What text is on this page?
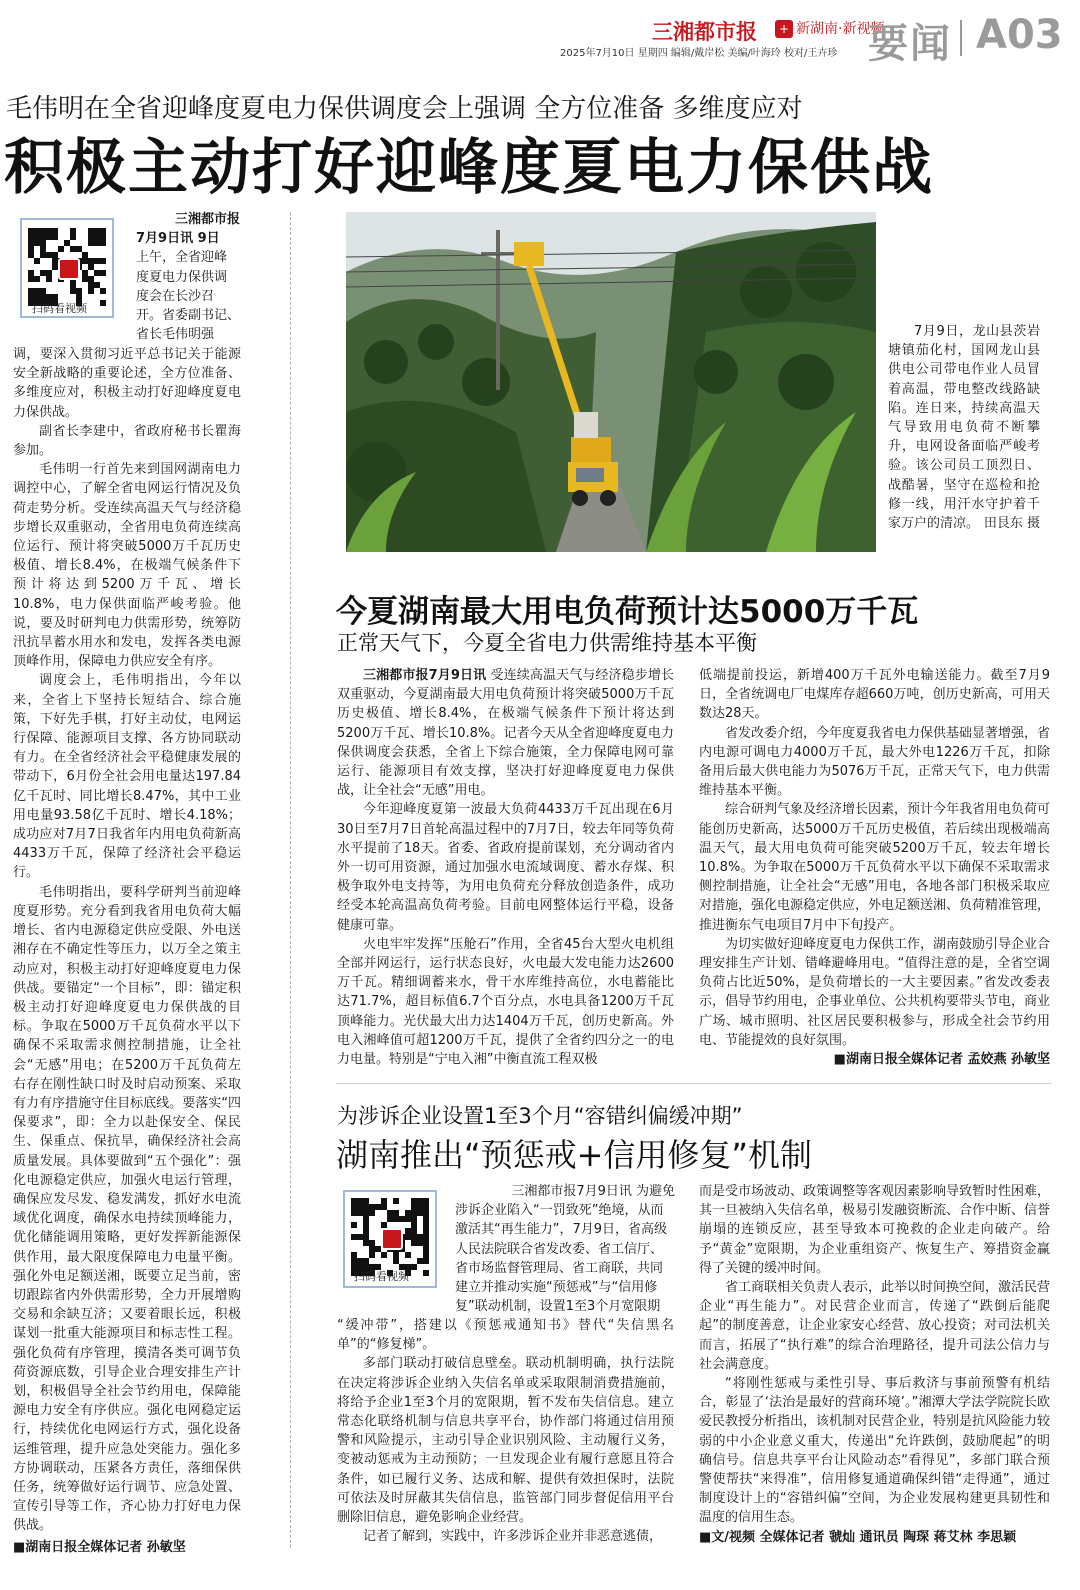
三湘都市报	+ 新湖南·新视频
2025年7月10日 星期四 编辑/戴岸松 美编/叶海玲 校对/王卉珍 要闻 A03
毛伟明在全省迎峰度夏电力保供调度会上强调 全方位准备 多维度应对
积极主动打好迎峰度夏电力保供战
扫码看视频
三湘都市报
7月9日讯 9日
上午，全省迎峰
度夏电力保供调
度会在长沙召
开。省委副书记、
省长毛伟明强

调，要深入贯彻习近平总书记关于能源安全新战略的重要论述，全方位准备、多维度应对，积极主动打好迎峰度夏电力保供战。

副省长李建中，省政府秘书长瞿海参加。

毛伟明一行首先来到国网湖南电力调控中心，了解全省电网运行情况及负荷走势分析。受连续高温天气与经济稳步增长双重驱动，全省用电负荷连续高位运行、预计将突破5000万千瓦历史极值、增长8.4%，在极端气候条件下预计将达到5200万千瓦、增长10.8%，电力保供面临严峻考验。他说，要及时研判电力供需形势，统筹防汛抗旱蓄水用水和发电，发挥各类电源顶峰作用，保障电力供应安全有序。

调度会上，毛伟明指出，今年以来，全省上下坚持长短结合、综合施策，下好先手棋，打好主动仗，电网运行保障、能源项目支撑、各方协同联动有力。在全省经济社会平稳健康发展的带动下，6月份全社会用电量达197.84亿千瓦时、同比增长8.47%，其中工业用电量93.58亿千瓦时、增长4.18%；成功应对7月7日我省年内用电负荷新高4433万千瓦，保障了经济社会平稳运行。

毛伟明指出，要科学研判当前迎峰度夏形势。充分看到我省用电负荷大幅增长、省内电源稳定供应受限、外电送湘存在不确定性等压力，以万全之策主动应对，积极主动打好迎峰度夏电力保供战。要锚定“一个目标”，即：锚定积极主动打好迎峰度夏电力保供战的目标。争取在5000万千瓦负荷水平以下确保不采取需求侧控制措施，让全社会“无感”用电；在5200万千瓦负荷左右存在刚性缺口时及时启动预案、采取有力有序措施守住目标底线。要落实“四保要求”，即：全力以赴保安全、保民生、保重点、保抗旱，确保经济社会高质量发展。具体要做到“五个强化”：强化电源稳定供应，加强火电运行管理，确保应发尽发、稳发满发，抓好水电流域优化调度，确保水电持续顶峰能力，优化储能调用策略，更好发挥新能源保供作用，最大限度保障电力电量平衡。强化外电足额送湘，既要立足当前，密切跟踪省内外供需形势，全力开展增购交易和余缺互济；又要着眼长远，积极谋划一批重大能源项目和标志性工程。强化负荷有序管理，摸清各类可调节负荷资源底数，引导企业合理安排生产计划，积极倡导全社会节约用电，保障能源电力安全有序供应。强化电网稳定运行，持续优化电网运行方式，强化设备运维管理，提升应急处突能力。强化多方协调联动，压紧各方责任，落细保供任务，统筹做好运行调节、应急处置、宣传引导等工作，齐心协力打好电力保供战。

■湖南日报全媒体记者 孙敏坚

7月9日，龙山县茨岩塘镇茄化村，国网龙山县供电公司带电作业人员冒着高温，带电整改线路缺陷。连日来，持续高温天气导致用电负荷不断攀升，电网设备面临严峻考验。该公司员工顶烈日、战酷暑，坚守在巡检和抢修一线，用汗水守护着千家万户的清凉。 田艮东 摄
今夏湖南最大用电负荷预计达5000万千瓦
正常天气下，今夏全省电力供需维持基本平衡

三湘都市报7月9日讯 受连续高温天气与经济稳步增长双重驱动，今夏湖南最大用电负荷预计将突破5000万千瓦历史极值、增长8.4%，在极端气候条件下预计将达到5200万千瓦、增长10.8%。记者今天从全省迎峰度夏电力保供调度会获悉，全省上下综合施策，全力保障电网可靠运行、能源项目有效支撑，坚决打好迎峰度夏电力保供战，让全社会“无感”用电。

今年迎峰度夏第一波最大负荷4433万千瓦出现在6月30日至7月7日首轮高温过程中的7月7日，较去年同等负荷水平提前了18天。省委、省政府提前谋划，充分调动省内外一切可用资源，通过加强水电流域调度、蓄水存煤、积极争取外电支持等，为用电负荷充分释放创造条件，成功经受本轮高温高负荷考验。目前电网整体运行平稳，设备健康可靠。

火电牢牢发挥“压舱石”作用，全省45台大型火电机组全部并网运行，运行状态良好，火电最大发电能力达2600万千瓦。精细调蓄来水，骨干水库维持高位，水电蓄能比达71.7%，超目标值6.7个百分点，水电具备1200万千瓦顶峰能力。光伏最大出力达1404万千瓦，创历史新高。外电入湘峰值可超1200万千瓦，提供了全省约四分之一的电力电量。特别是“宁电入湘”中衡直流工程双极

低端提前投运，新增400万千瓦外电输送能力。截至7月9日，全省统调电厂电煤库存超660万吨，创历史新高，可用天数达28天。

省发改委介绍，今年度夏我省电力保供基础显著增强，省内电源可调电力4000万千瓦，最大外电1226万千瓦，扣除备用后最大供电能力为5076万千瓦，正常天气下，电力供需维持基本平衡。

综合研判气象及经济增长因素，预计今年我省用电负荷可能创历史新高，达5000万千瓦历史极值，若后续出现极端高温天气，最大用电负荷可能突破5200万千瓦，较去年增长10.8%。为争取在5000万千瓦负荷水平以下确保不采取需求侧控制措施，让全社会“无感”用电，各地各部门积极采取应对措施，强化电源稳定供应，外电足额送湘、负荷精准管理，推进衡东气电项目7月中下旬投产。

为切实做好迎峰度夏电力保供工作，湖南鼓励引导企业合理安排生产计划、错峰避峰用电。“值得注意的是，全省空调负荷占比近50%，是负荷增长的一大主要因素。”省发改委表示，倡导节约用电，企事业单位、公共机构要带头节电，商业广场、城市照明、社区居民要积极参与，形成全社会节约用电、节能提效的良好氛围。

■湖南日报全媒体记者 孟姣燕 孙敏坚
为涉诉企业设置1至3个月“容错纠偏缓冲期”
湖南推出“预惩戒+信用修复”机制
扫码看视频
三湘都市报7月9日讯 为避免
涉诉企业陷入“一罚致死”绝境，从而
激活其“再生能力”，7月9日，省高级
人民法院联合省发改委、省工信厅、
省市场监督管理局、省工商联，共同
建立并推动实施“预惩戒”与“信用修
复”联动机制，设置1至3个月宽限期

“缓冲带”，搭建以《预惩戒通知书》替代“失信黑名单”的“修复梯”。

多部门联动打破信息壁垒。联动机制明确，执行法院在决定将涉诉企业纳入失信名单或采取限制消费措施前，将给予企业1至3个月的宽限期，暂不发布失信信息。建立常态化联络机制与信息共享平台，协作部门将通过信用预警和风险提示，主动引导企业识别风险、主动履行义务，变被动惩戒为主动预防；一旦发现企业有履行意愿且符合条件，如已履行义务、达成和解、提供有效担保时，法院可依法及时屏蔽其失信信息，监管部门同步督促信用平台删除旧信息，避免影响企业经营。

记者了解到，实践中，许多涉诉企业并非恶意逃债，

而是受市场波动、政策调整等客观因素影响导致暂时性困难，其一旦被纳入失信名单，极易引发融资断流、合作中断、信誉崩塌的连锁反应，甚至导致本可挽救的企业走向破产。给予“黄金”宽限期，为企业重组资产、恢复生产、筹措资金赢得了关键的缓冲时间。

省工商联相关负责人表示，此举以时间换空间，激活民营企业“再生能力”。对民营企业而言，传递了“跌倒后能爬起”的制度善意，让企业家安心经营、放心投资；对司法机关而言，拓展了“执行难”的综合治理路径，提升司法公信力与社会满意度。

“将刚性惩戒与柔性引导、事后救济与事前预警有机结合，彰显了‘法治是最好的营商环境’。”湘潭大学法学院院长欧爱民教授分析指出，该机制对民营企业，特别是抗风险能力较弱的中小企业意义重大，传递出“允许跌倒，鼓励爬起”的明确信号。信息共享平台让风险动态“看得见”，多部门联合预警使帮扶“来得准”，信用修复通道确保纠错“走得通”，通过制度设计上的“容错纠偏”空间，为企业发展构建更具韧性和温度的信用生态。

■文/视频 全媒体记者 虢灿 通讯员 陶琛 蒋艾林 李思颖
